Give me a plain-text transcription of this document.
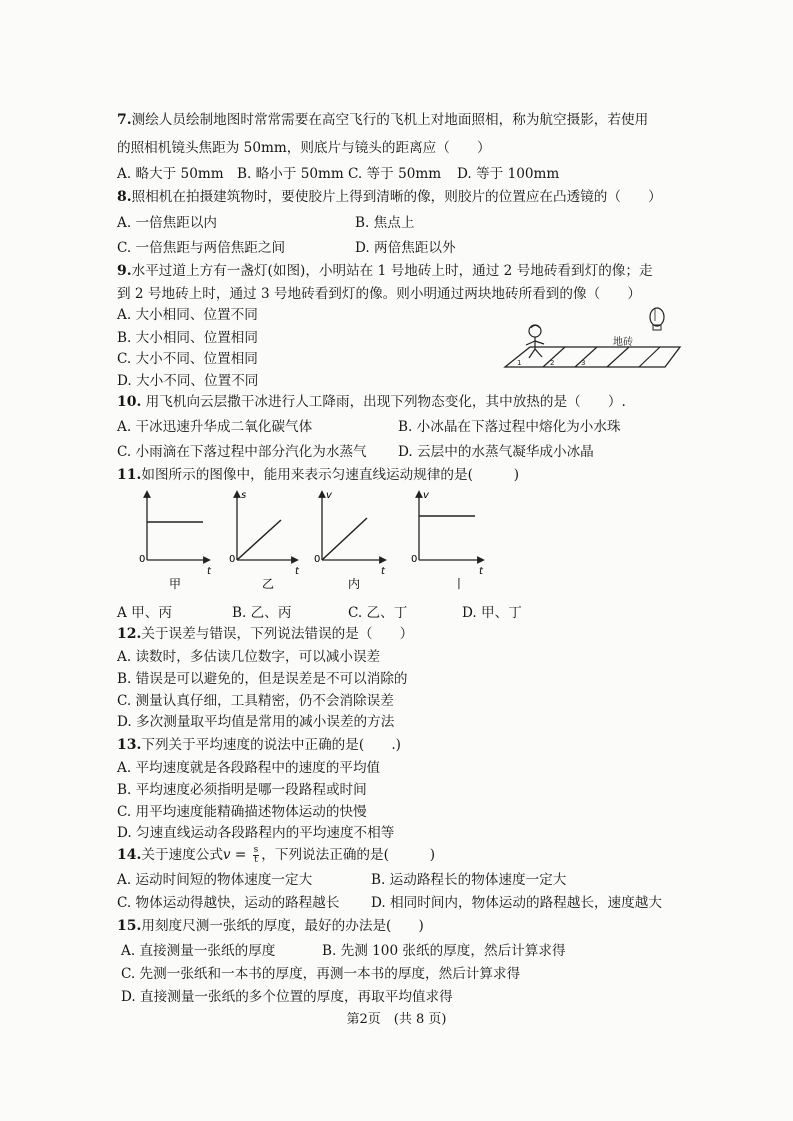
7.测绘人员绘制地图时常常需要在高空飞行的飞机上对地面照相，称为航空摄影，若使用
的照相机镜头焦距为 50mm，则底片与镜头的距离应（　　）
A. 略大于 50mm B. 略小于 50mm C. 等于 50mm D. 等于 100mm
8.照相机在拍摄建筑物时，要使胶片上得到清晰的像，则胶片的位置应在凸透镜的（　　）
A. 一倍焦距以内	B. 焦点上
C. 一倍焦距与两倍焦距之间	D. 两倍焦距以外
9.水平过道上方有一盏灯(如图)，小明站在 1 号地砖上时，通过 2 号地砖看到灯的像；走
到 2 号地砖上时，通过 3 号地砖看到灯的像。则小明通过两块地砖所看到的像（　　）
A. 大小相同、位置不同
B. 大小相同、位置相同
C. 大小不同、位置相同
D. 大小不同、位置不同
地砖
1	2	3
10. 用飞机向云层撒干冰进行人工降雨，出现下列物态变化，其中放热的是（　　）.
A. 干冰迅速升华成二氧化碳气体	B. 小冰晶在下落过程中熔化为小水珠
C. 小雨滴在下落过程中部分汽化为水蒸气 D. 云层中的水蒸气凝华成小冰晶
11.如图所示的图像中，能用来表示匀速直线运动规律的是(　　　)
0
t
甲
0
s
t
乙
0
v
t
内
0
v
t
丨
A 甲、丙	B. 乙、丙	C. 乙、丁	D. 甲、丁
12.关于误差与错误，下列说法错误的是（　　）
A. 读数时，多估读几位数字，可以减小误差
B. 错误是可以避免的，但是误差是不可以消除的
C. 测量认真仔细，工具精密，仍不会消除误差
D. 多次测量取平均值是常用的减小误差的方法
13.下列关于平均速度的说法中正确的是(　　.)
A. 平均速度就是各段路程中的速度的平均值
B. 平均速度必须指明是哪一段路程或时间
C. 用平均速度能精确描述物体运动的快慢
D. 匀速直线运动各段路程内的平均速度不相等
14.关于速度公式$v = \frac{s}{t}$ ，下列说法正确的是(　　　)
A. 运动时间短的物体速度一定大	B. 运动路程长的物体速度一定大
C. 物体运动得越快，运动的路程越长 D. 相同时间内，物体运动的路程越长，速度越大
15.用刻度尺测一张纸的厚度，最好的办法是(　　)
A. 直接测量一张纸的厚度	B. 先测 100 张纸的厚度，然后计算求得
C. 先测一张纸和一本书的厚度，再测一本书的厚度，然后计算求得
D. 直接测量一张纸的多个位置的厚度，再取平均值求得
第2页　(共 8 页)
